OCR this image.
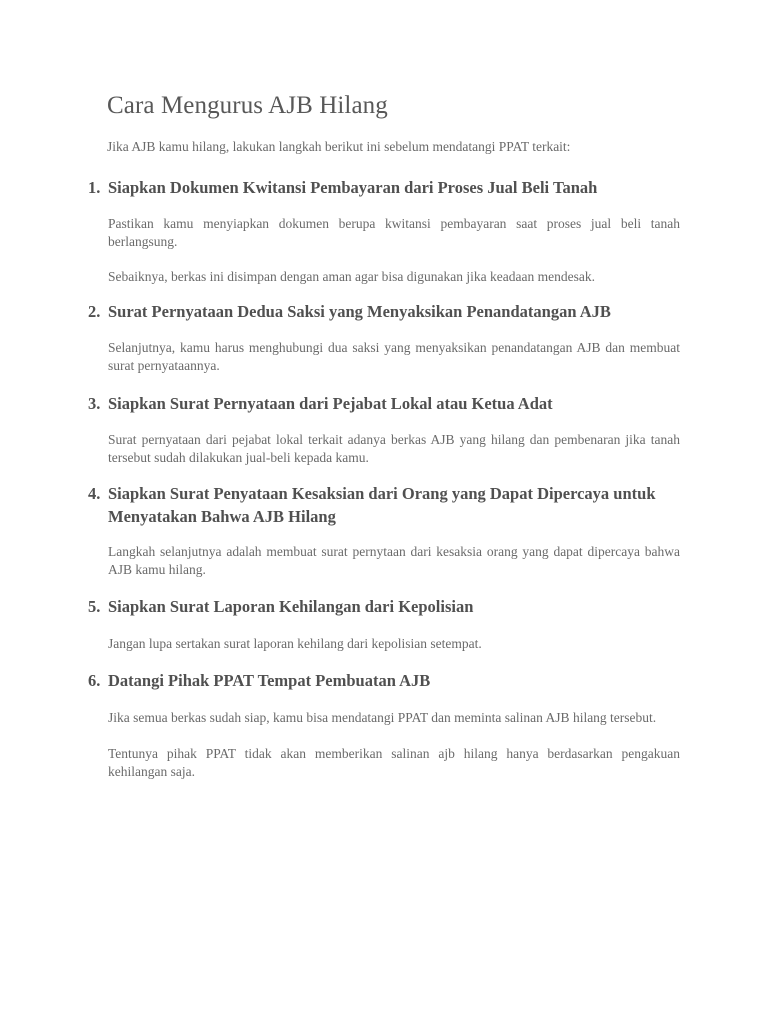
Cara Mengurus AJB Hilang

Jika AJB kamu hilang, lakukan langkah berikut ini sebelum mendatangi PPAT terkait:

1. Siapkan Dokumen Kwitansi Pembayaran dari Proses Jual Beli Tanah

Pastikan kamu menyiapkan dokumen berupa kwitansi pembayaran saat proses jual beli tanah berlangsung.

Sebaiknya, berkas ini disimpan dengan aman agar bisa digunakan jika keadaan mendesak.

2. Surat Pernyataan Dedua Saksi yang Menyaksikan Penandatangan AJB

Selanjutnya, kamu harus menghubungi dua saksi yang menyaksikan penandatangan AJB dan membuat surat pernyataannya.

3. Siapkan Surat Pernyataan dari Pejabat Lokal atau Ketua Adat

Surat pernyataan dari pejabat lokal terkait adanya berkas AJB yang hilang dan pembenaran jika tanah tersebut sudah dilakukan jual-beli kepada kamu.

4. Siapkan Surat Penyataan Kesaksian dari Orang yang Dapat Dipercaya untuk Menyatakan Bahwa AJB Hilang

Langkah selanjutnya adalah membuat surat pernytaan dari kesaksia orang yang dapat dipercaya bahwa AJB kamu hilang.

5. Siapkan Surat Laporan Kehilangan dari Kepolisian

Jangan lupa sertakan surat laporan kehilang dari kepolisian setempat.

6. Datangi Pihak PPAT Tempat Pembuatan AJB

Jika semua berkas sudah siap, kamu bisa mendatangi PPAT dan meminta salinan AJB hilang tersebut.

Tentunya pihak PPAT tidak akan memberikan salinan ajb hilang hanya berdasarkan pengakuan kehilangan saja.
